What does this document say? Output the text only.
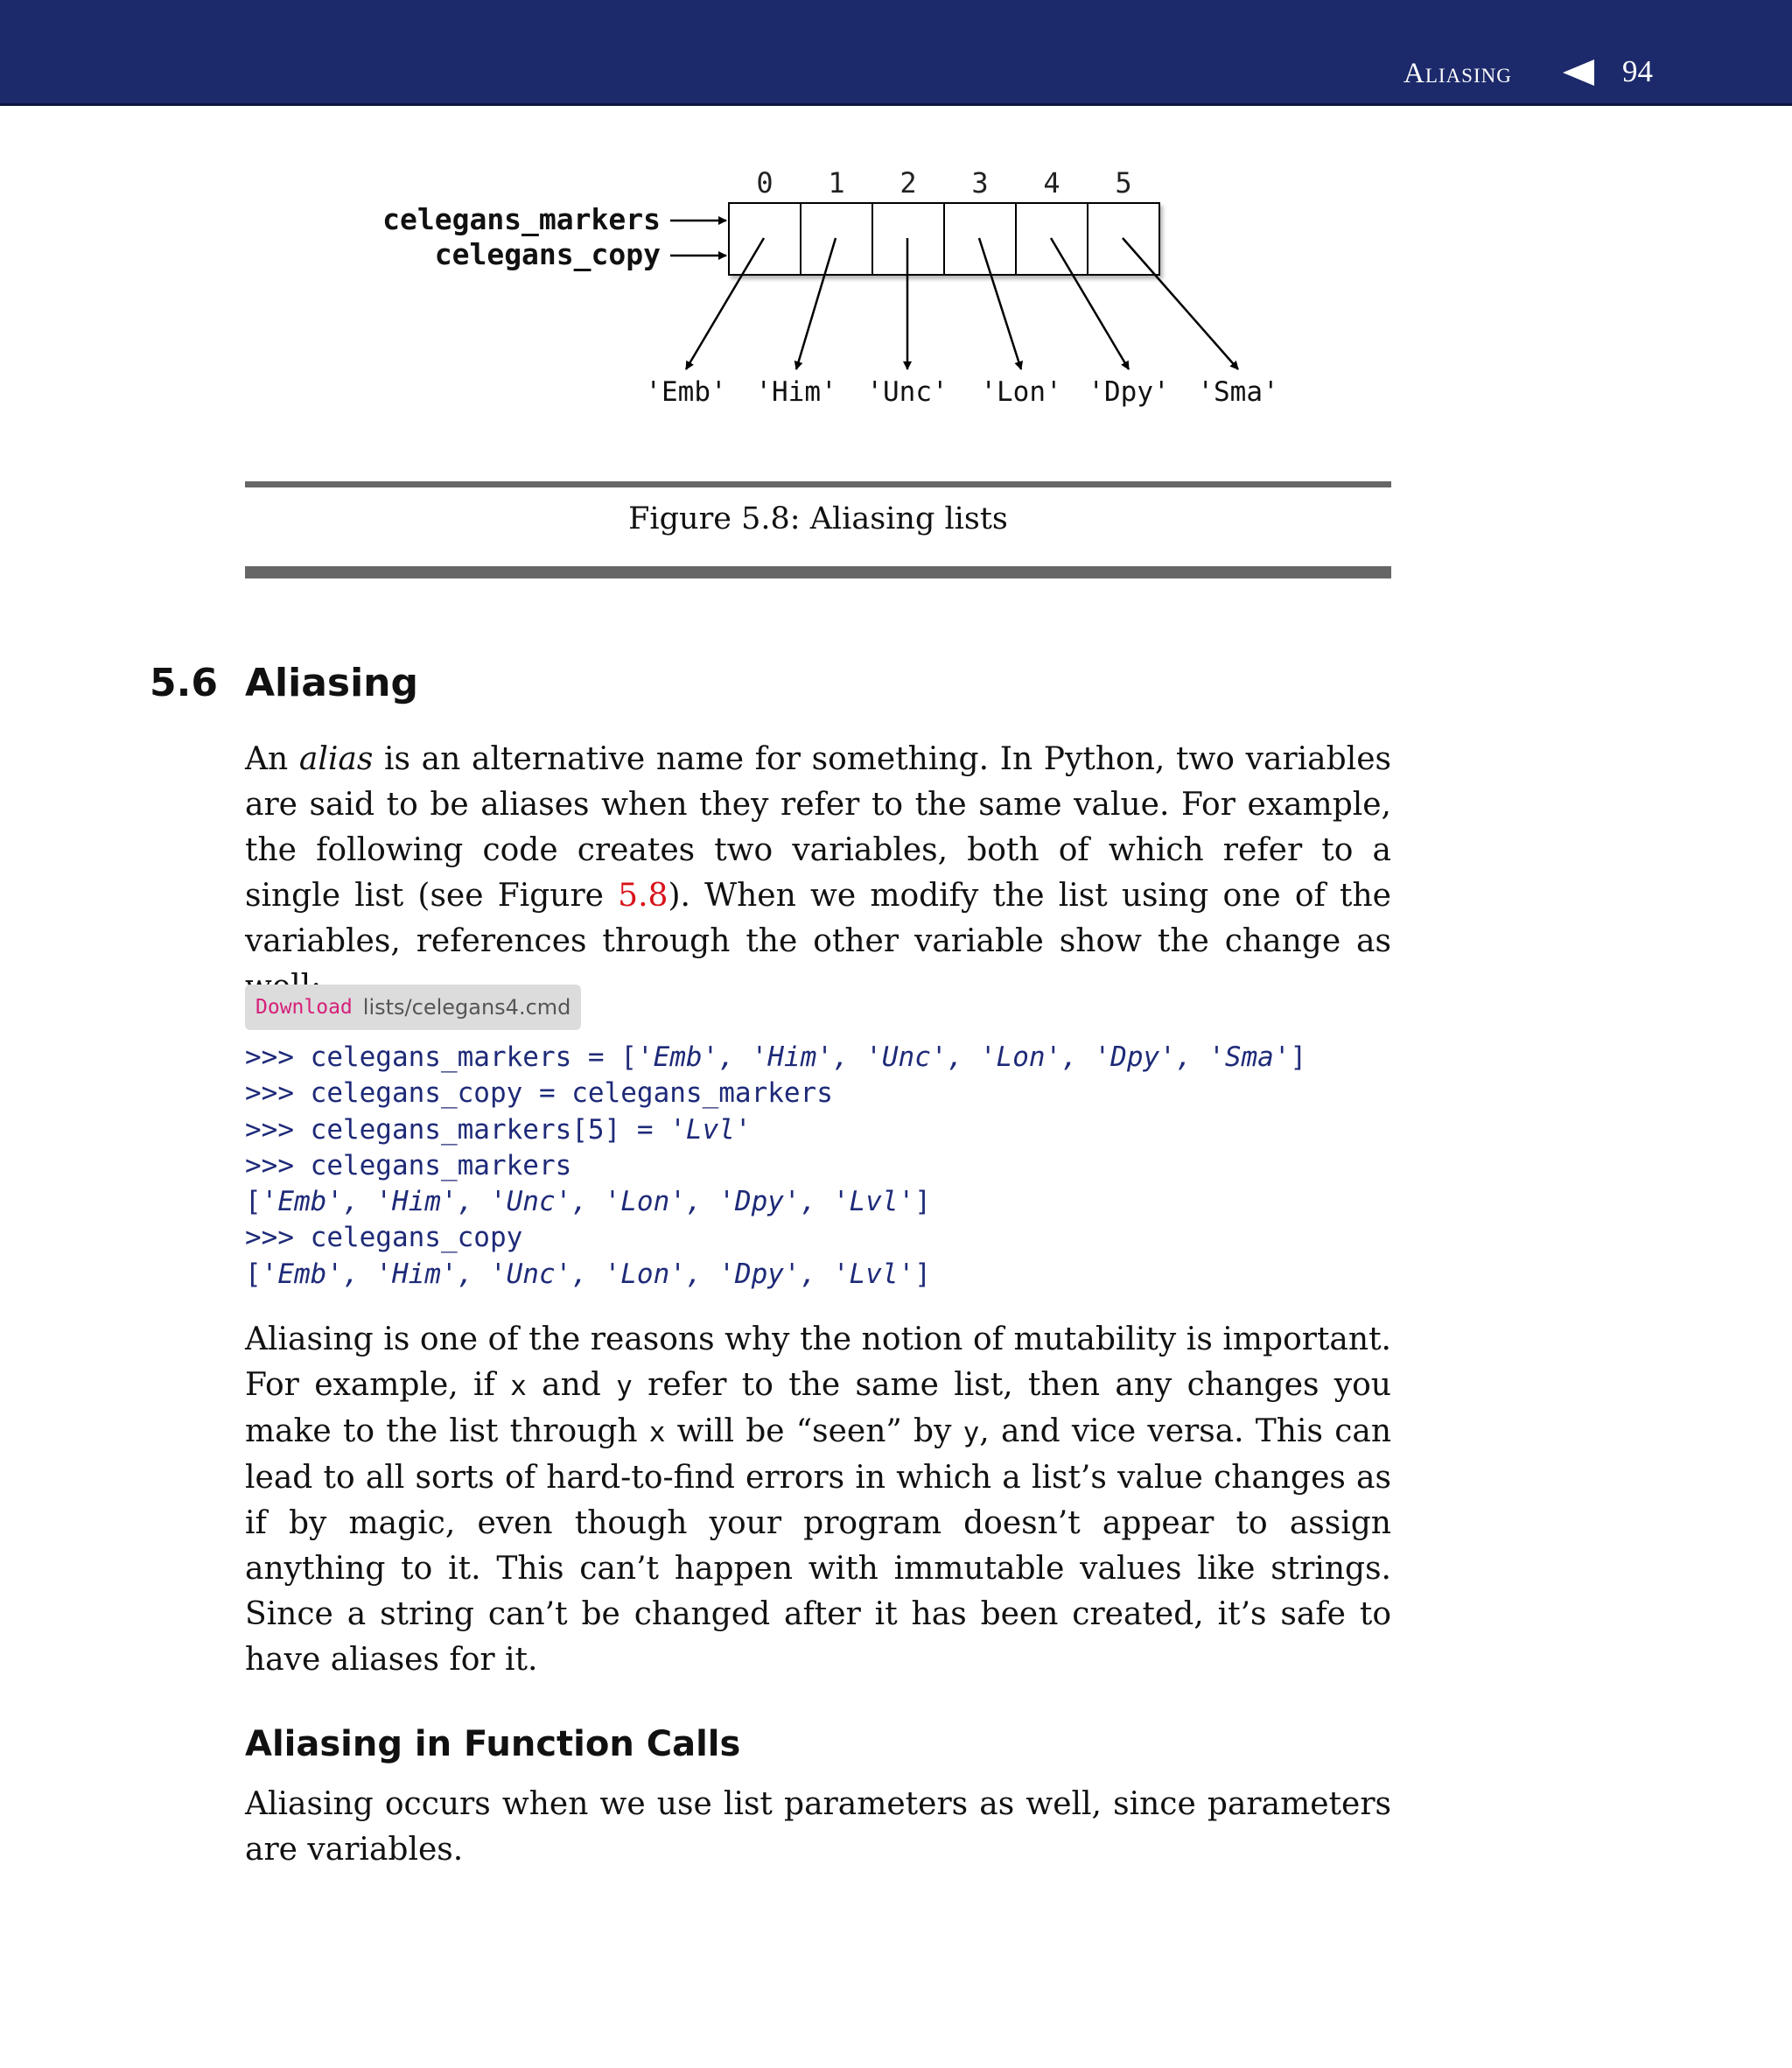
Aliasing	94
0 1 2 3 4 5
celegans_markers
celegans_copy
'Emb' 'Him' 'Unc' 'Lon' 'Dpy' 'Sma'
Figure 5.8: Aliasing lists
5.6 Aliasing
An alias is an alternative name for something. In Python, two variables are said to be aliases when they refer to the same value. For example, the following code creates two variables, both of which refer to a single list (see Figure 5.8). When we modify the list using one of the variables, references through the other variable show the change as
Download lists/celegans4.cmd
>>> celegans_markers = ['Emb', 'Him', 'Unc', 'Lon', 'Dpy', 'Sma']
>>> celegans_copy = celegans_markers
>>> celegans_markers[5] = 'Lvl'
>>> celegans_markers
['Emb', 'Him', 'Unc', 'Lon', 'Dpy', 'Lvl']
>>> celegans_copy
['Emb', 'Him', 'Unc', 'Lon', 'Dpy', 'Lvl']
Aliasing is one of the reasons why the notion of mutability is important. For example, if x and y refer to the same list, then any changes you make to the list through x will be “seen” by y, and vice versa. This can lead to all sorts of hard-to-find errors in which a list’s value changes as if by magic, even though your program doesn’t appear to assign anything to it. This can’t happen with immutable values like strings. Since a string can’t be changed after it has been created, it’s safe to have aliases for it.
Aliasing in Function Calls
Aliasing occurs when we use list parameters as well, since parameters are variables.
